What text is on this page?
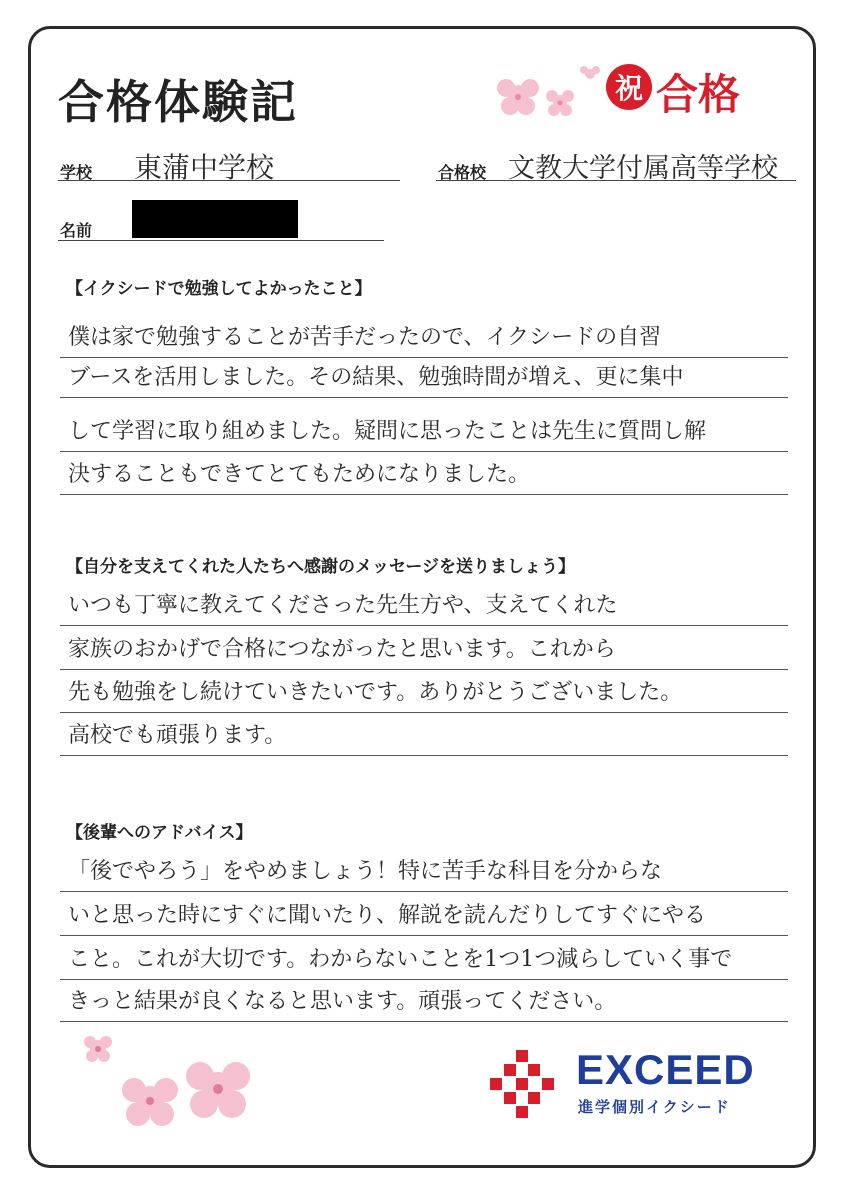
合格体験記	祝 合格
学校 東蒲中学校	合格校 文教大学付属高等学校
名前
【イクシードで勉強してよかったこと】
僕は家で勉強することが苦手だったので、イクシードの自習
ブースを活用しました。その結果、勉強時間が増え、更に集中
して学習に取り組めました。疑問に思ったことは先生に質問し解
決することもできてとてもためになりました。
【自分を支えてくれた人たちへ感謝のメッセージを送りましょう】
いつも丁寧に教えてくださった先生方や、支えてくれた
家族のおかげで合格につながったと思います。これから
先も勉強をし続けていきたいです。ありがとうございました。
高校でも頑張ります。
【後輩へのアドバイス】
「後でやろう」をやめましょう！特に苦手な科目を分からな
いと思った時にすぐに聞いたり、解説を読んだりしてすぐにやる
こと。これが大切です。わからないことを1つ1つ減らしていく事で
きっと結果が良くなると思います。頑張ってください。
EXCEED
進学個別イクシード
